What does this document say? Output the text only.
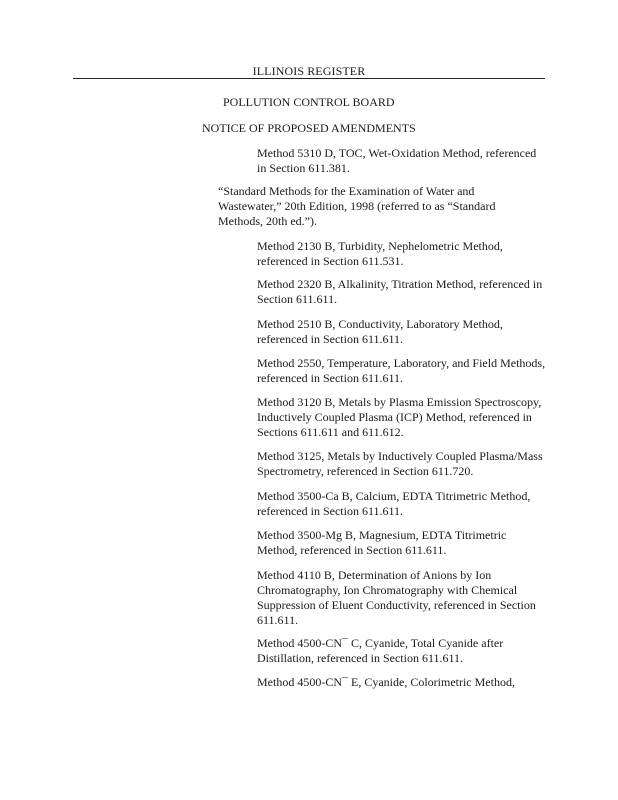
ILLINOIS REGISTER
POLLUTION CONTROL BOARD
NOTICE OF PROPOSED AMENDMENTS

Method 5310 D, TOC, Wet-Oxidation Method, referenced in Section 611.381.

“Standard Methods for the Examination of Water and Wastewater,” 20th Edition, 1998 (referred to as “Standard Methods, 20th ed.”).

Method 2130 B, Turbidity, Nephelometric Method, referenced in Section 611.531.

Method 2320 B, Alkalinity, Titration Method, referenced in Section 611.611.

Method 2510 B, Conductivity, Laboratory Method, referenced in Section 611.611.

Method 2550, Temperature, Laboratory, and Field Methods, referenced in Section 611.611.

Method 3120 B, Metals by Plasma Emission Spectroscopy, Inductively Coupled Plasma (ICP) Method, referenced in Sections 611.611 and 611.612.

Method 3125, Metals by Inductively Coupled Plasma/Mass Spectrometry, referenced in Section 611.720.

Method 3500-Ca B, Calcium, EDTA Titrimetric Method, referenced in Section 611.611.

Method 3500-Mg B, Magnesium, EDTA Titrimetric Method, referenced in Section 611.611.

Method 4110 B, Determination of Anions by Ion Chromatography, Ion Chromatography with Chemical Suppression of Eluent Conductivity, referenced in Section 611.611.

Method 4500-CN¯ C, Cyanide, Total Cyanide after Distillation, referenced in Section 611.611.

Method 4500-CN¯ E, Cyanide, Colorimetric Method,
